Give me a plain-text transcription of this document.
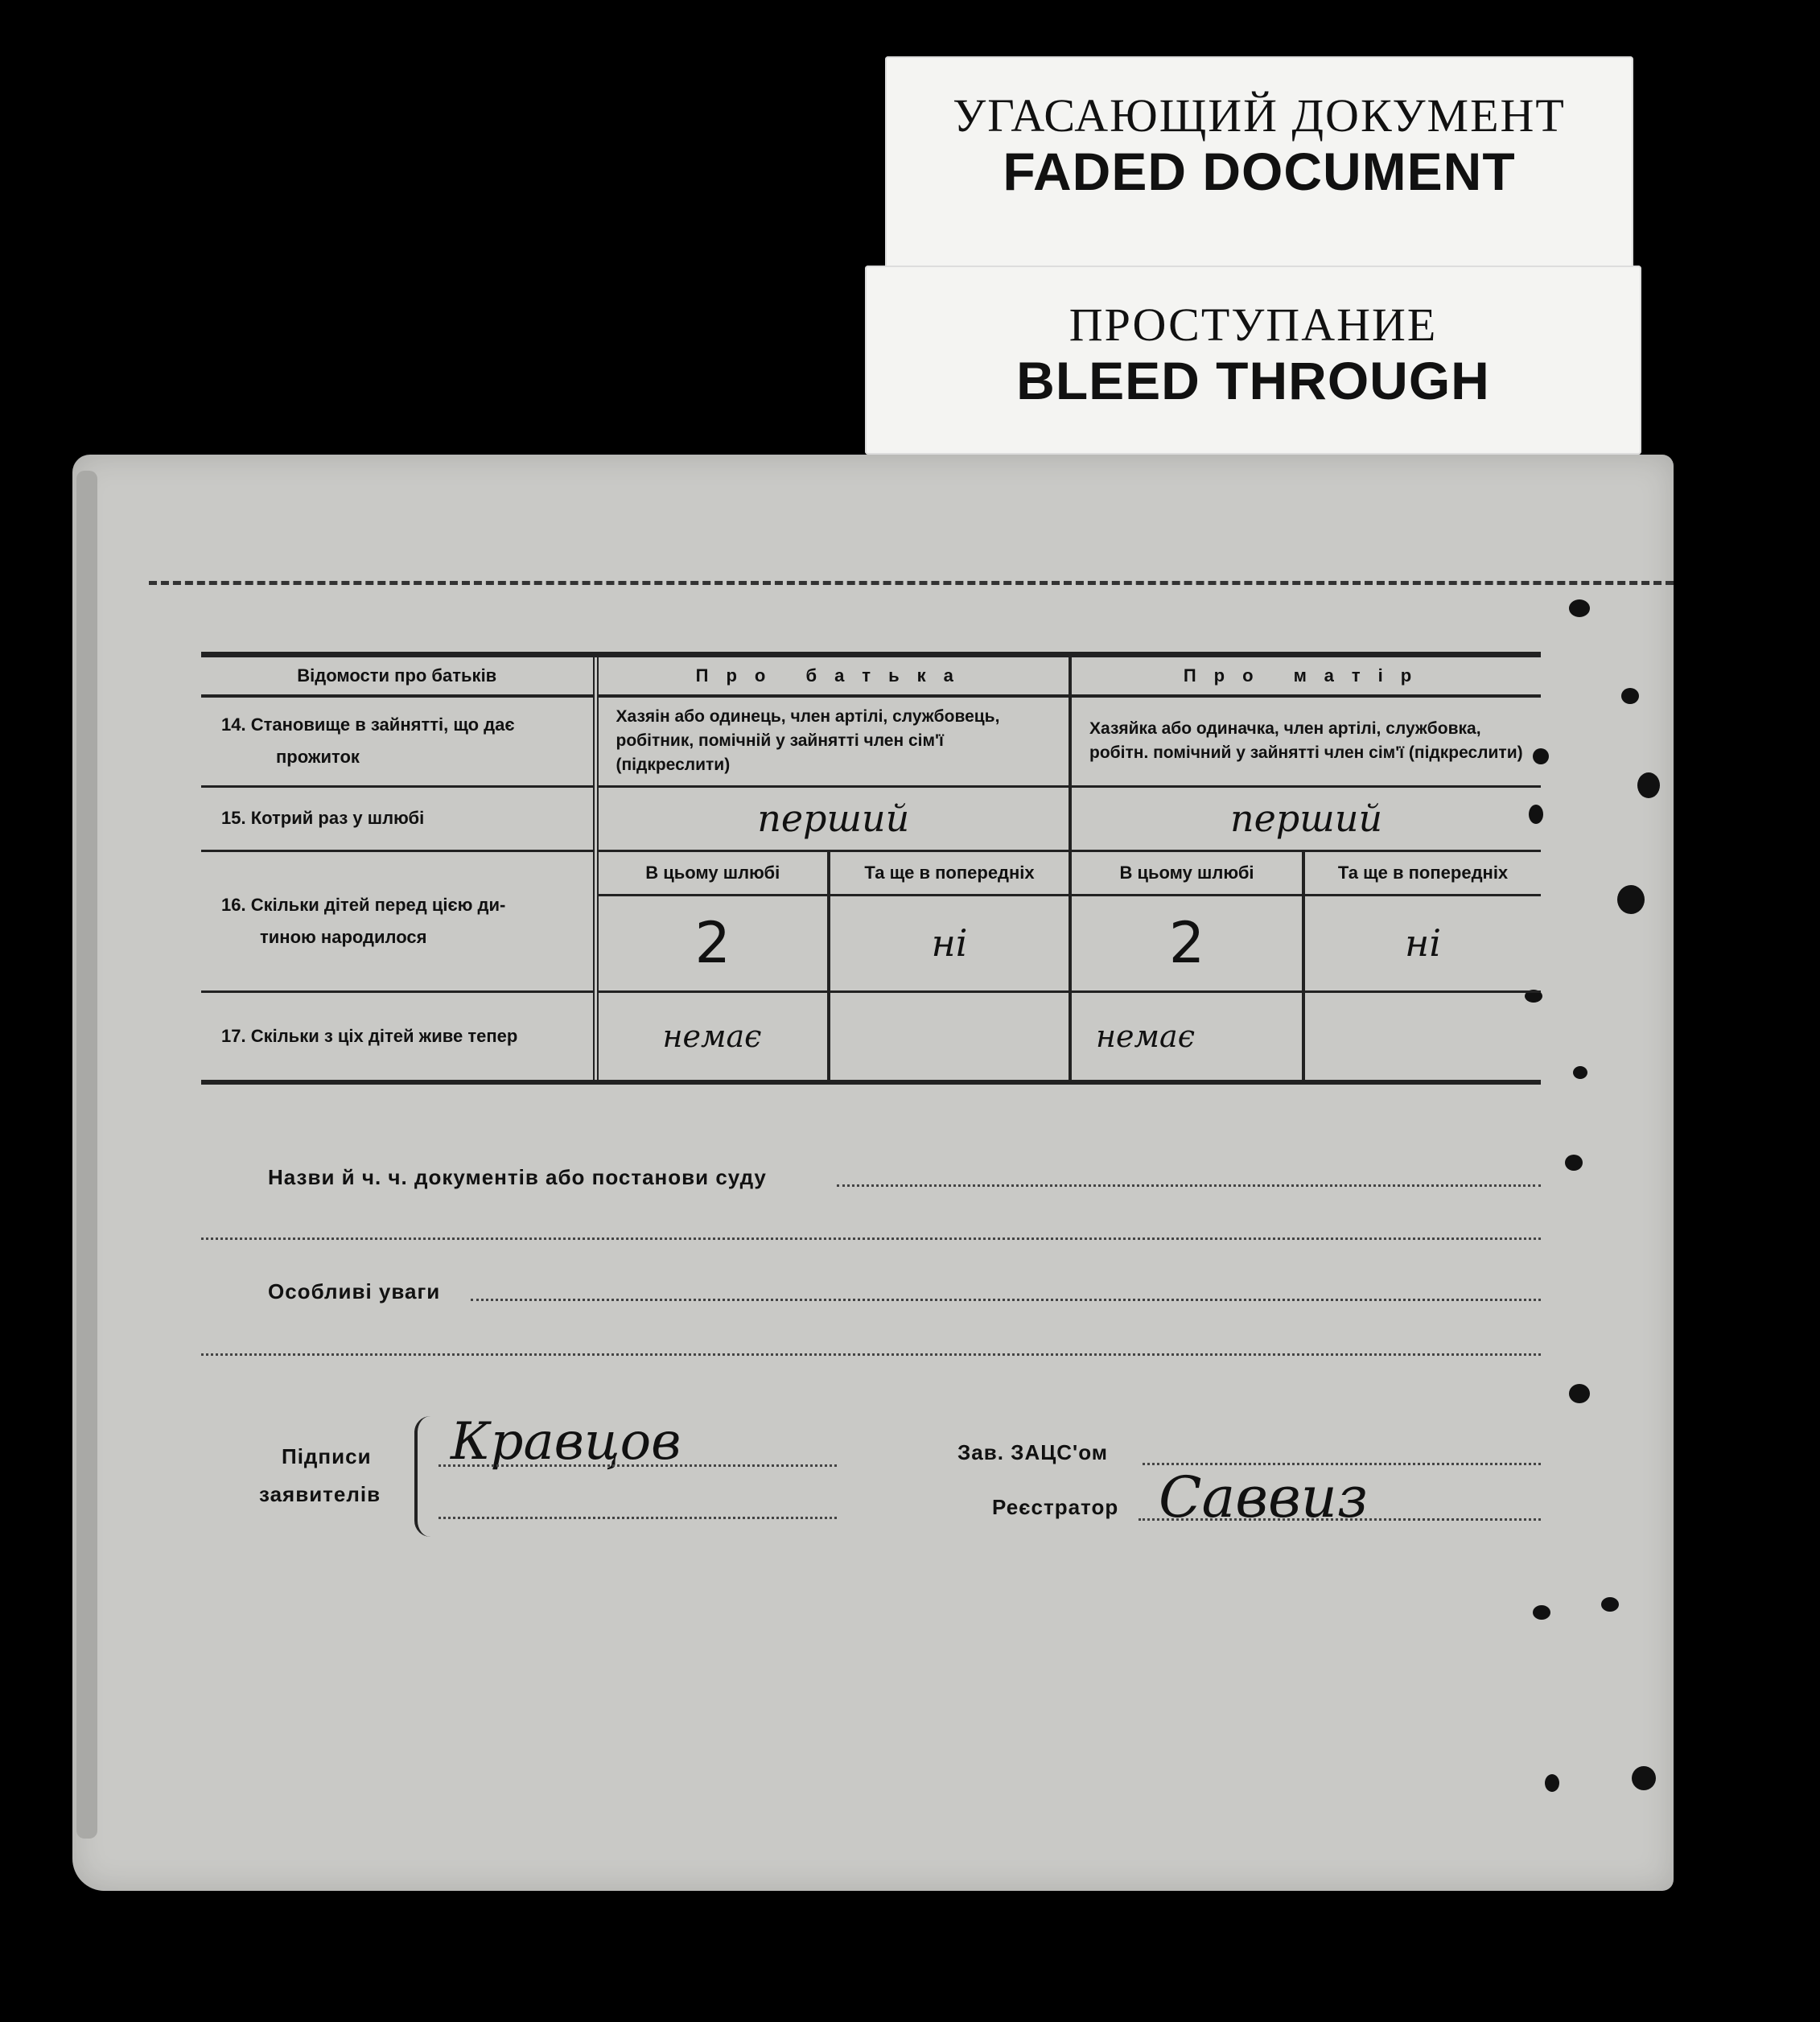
УГАСАЮЩИЙ ДОКУМЕНТ
FADED DOCUMENT
ПРОСТУПАНИЕ
BLEED THROUGH
Відомости про батьків	Про батька		Про матір	

14. Становище в зайнятті, що дає
прожиток	Хазяін або одинець, член артілі, службовець, робітник, помічній у зайнятті член сім'ї (підкреслити)		Хазяйка або одиначка, член артілі, службовка, робітн. помічний у зайнятті член сім'ї (підкреслити)	
15. Котрий раз у шлюбі	перший		перший	

16. Скільки дітей перед цією ди-
тиною народилося	В цьому шлюбі	Та ще в попередніх	В цьому шлюбі	Та ще в попередніх
	2	ні	2	ні
17. Скільки з ціх дітей живе тепер	немає		немає	
Назви й ч. ч. документів або постанови суду
Особливі уваги
Підписи
заявителів
Кравцов	Зав. ЗАЦС'ом
Реєстратор Саввиз
